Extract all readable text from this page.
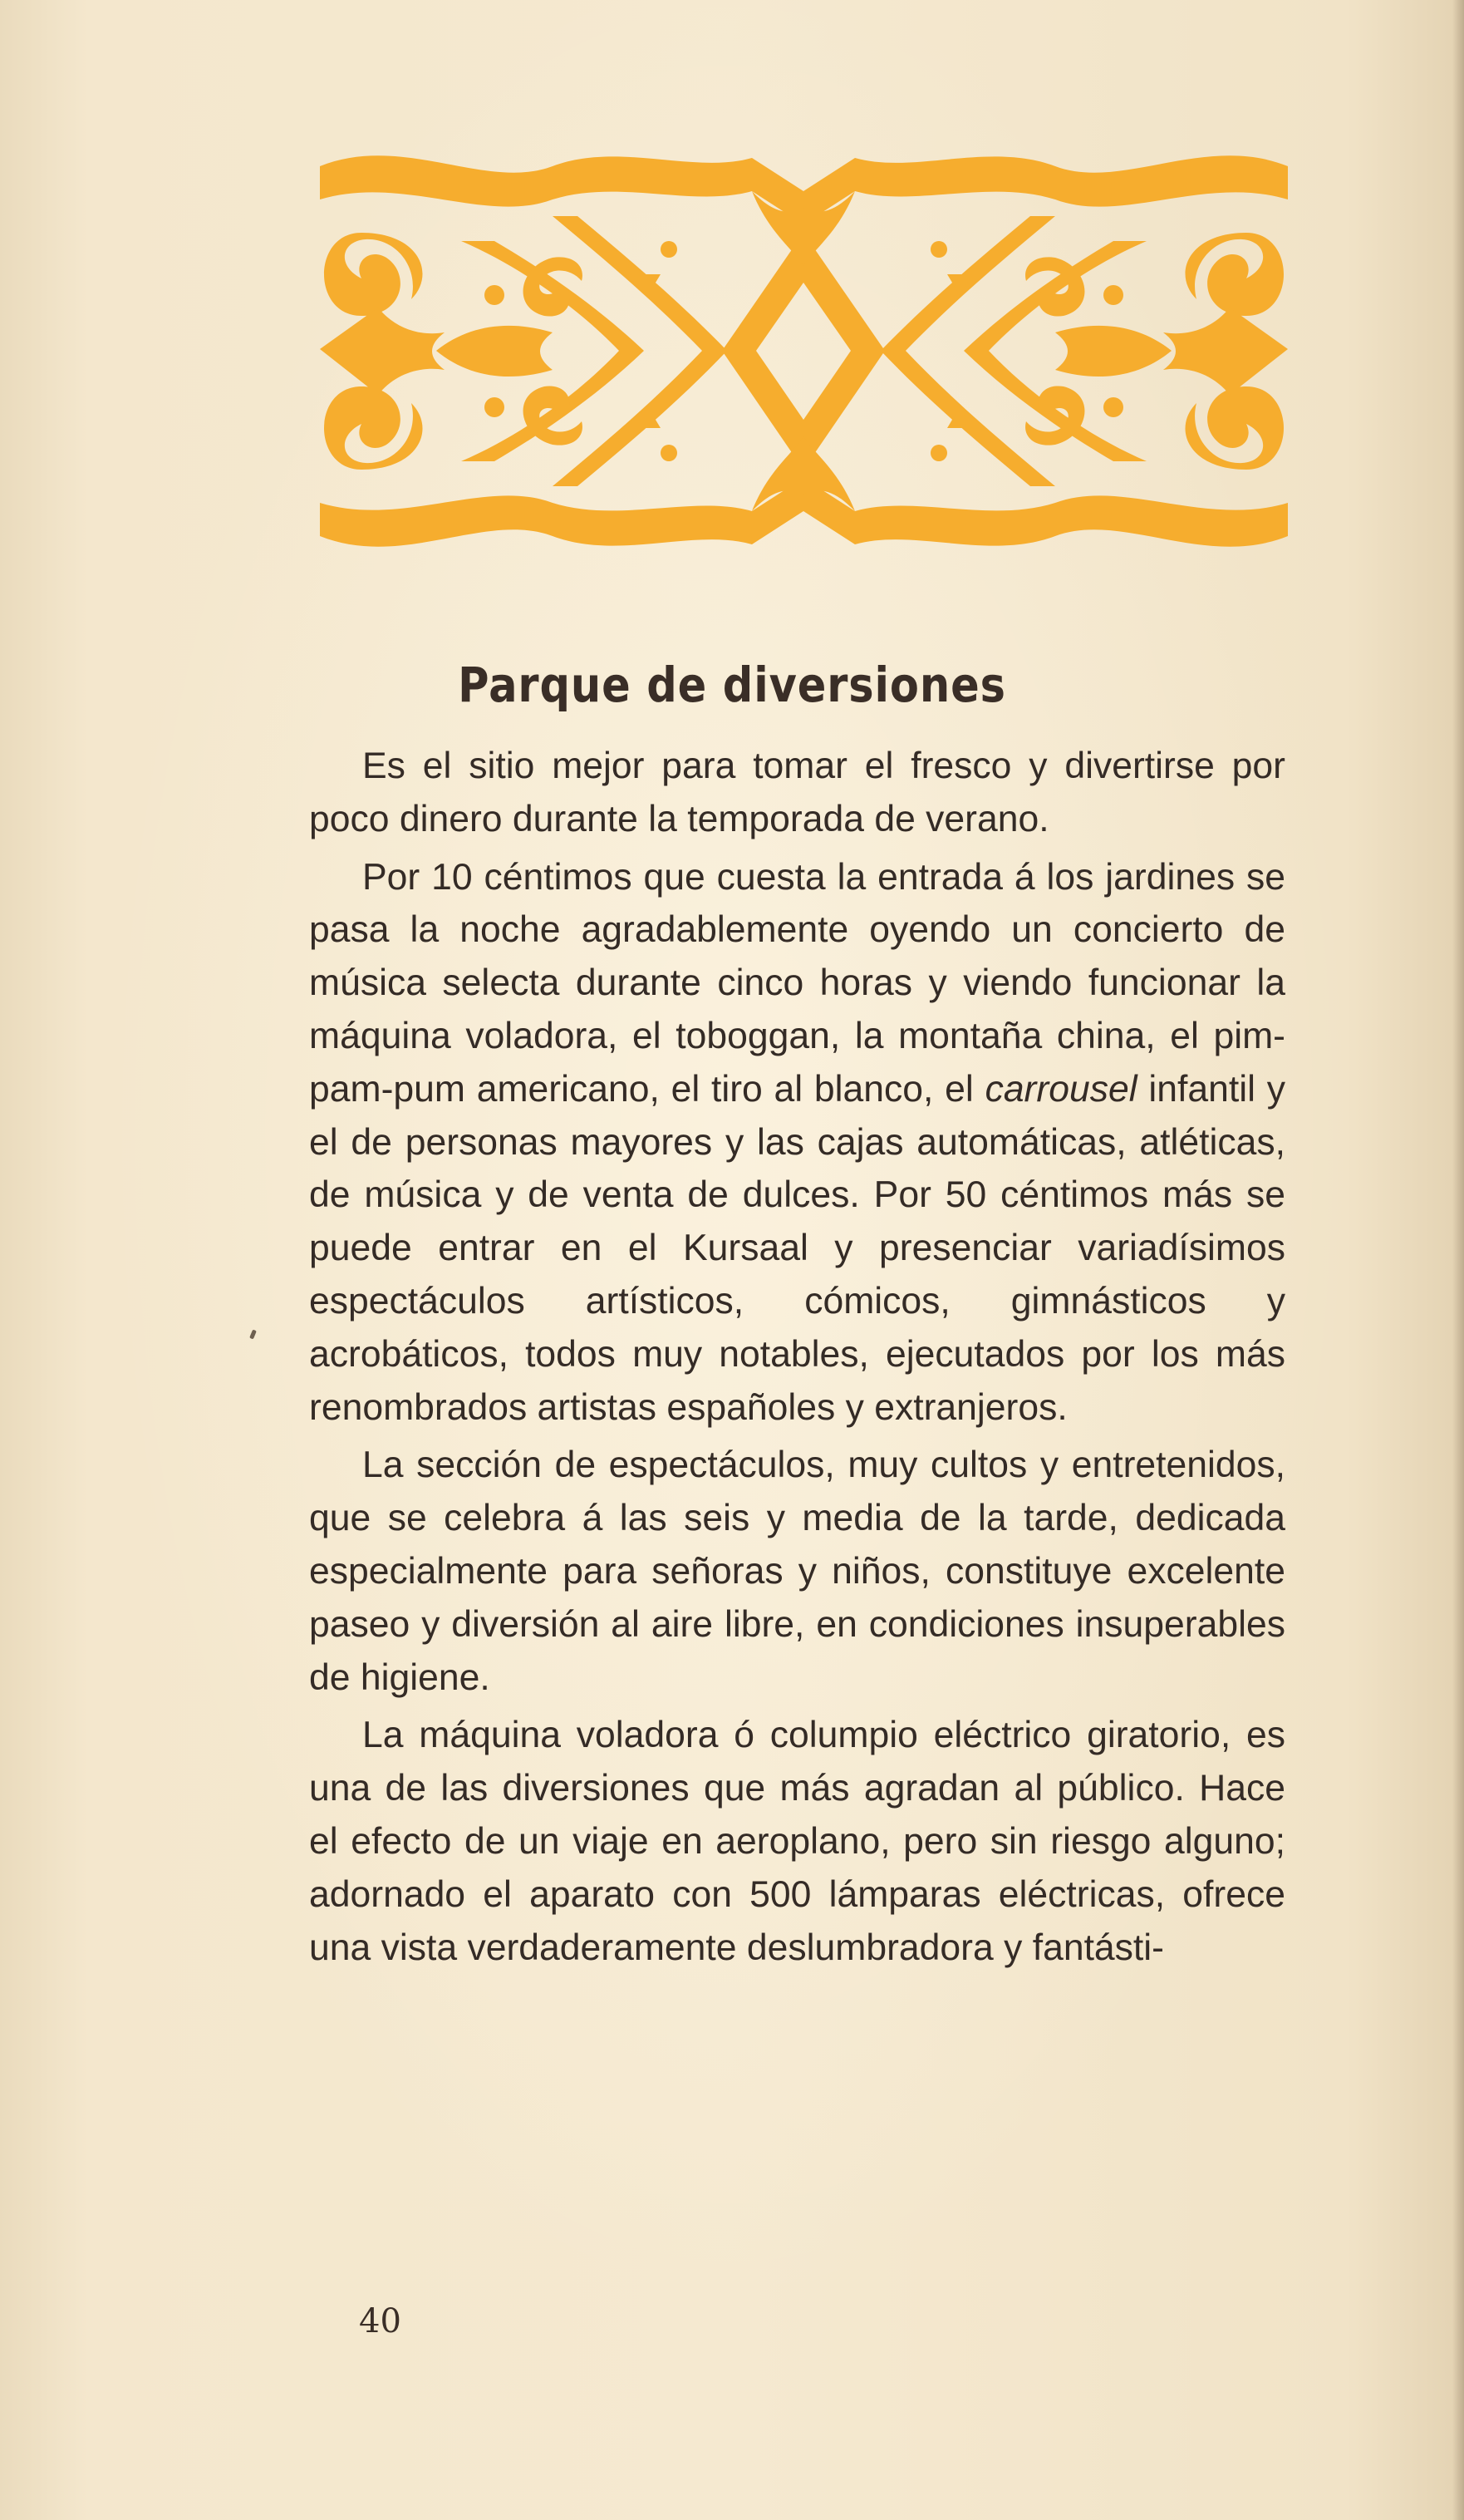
Parque de diversiones

Es el sitio mejor para tomar el fresco y divertirse por poco dinero durante la temporada de verano.

Por 10 céntimos que cuesta la entrada á los jardines se pasa la noche agradablemente oyendo un concierto de música selecta durante cinco horas y viendo funcionar la máquina voladora, el toboggan, la montaña china, el pim-pam-pum americano, el tiro al blanco, el carrousel infantil y el de personas mayores y las cajas automáticas, atléticas, de música y de venta de dulces. Por 50 céntimos más se puede entrar en el Kursaal y presenciar variadísimos espectáculos artísticos, cómicos, gimnásticos y acrobáticos, todos muy notables, ejecutados por los más renombrados artistas españoles y extranjeros.

La sección de espectáculos, muy cultos y entretenidos, que se celebra á las seis y media de la tarde, dedicada especialmente para señoras y niños, constituye excelente paseo y diversión al aire libre, en condiciones insuperables de higiene.

La máquina voladora ó columpio eléctrico giratorio, es una de las diversiones que más agradan al público. Hace el efecto de un viaje en aeroplano, pero sin riesgo alguno; adornado el aparato con 500 lámparas eléctricas, ofrece una vista verdaderamente deslumbradora y fantásti-

40
